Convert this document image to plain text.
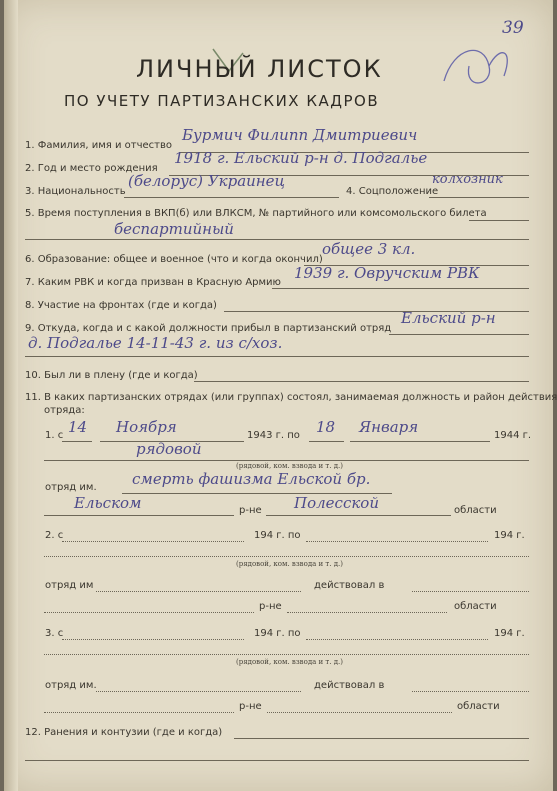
39
ЛИЧНЫЙ ЛИСТОК
ПО УЧЕТУ ПАРТИЗАНСКИХ КАДРОВ
1. Фамилия, имя и отчество
Бурмич Филипп Дмитриевич
2. Год и место рождения
1918 г. Ельский р-н д. Подгалье
3. Национальность
(белорус) Украинец
4. Соцположение
колхозник
5. Время поступления в ВКП(б) или ВЛКСМ, № партийного или комсомольского билета
беспартийный
6. Образование: общее и военное (что и когда окончил)
общее 3 кл.
7. Каким РВК и когда призван в Красную Армию
1939 г. Овручским РВК
8. Участие на фронтах (где и когда)
9. Откуда, когда и с какой должности прибыл в партизанский отряд
Ельский р-н
д. Подгалье 14-11-43 г. из с/хоз.
10. Был ли в плену (где и когда)
11. В каких партизанских отрядах (или группах) состоял, занимаемая должность и район действия
отряда:
1. с 14 Ноября	1943 г. по 18 Января	1944 г.
рядовой
(рядовой, ком. взвода и т. д.)
отряд им. смерть фашизма Ельской бр.
Ельском	р-не Полесской	области
2. с	194 г. по	194 г.
(рядовой, ком. взвода и т. д.)
отряд им	действовал в
р-не	области
3. с	194 г. по	194 г.
(рядовой, ком. взвода и т. д.)
отряд им.	действовал в
р-не	области
12. Ранения и контузии (где и когда)
